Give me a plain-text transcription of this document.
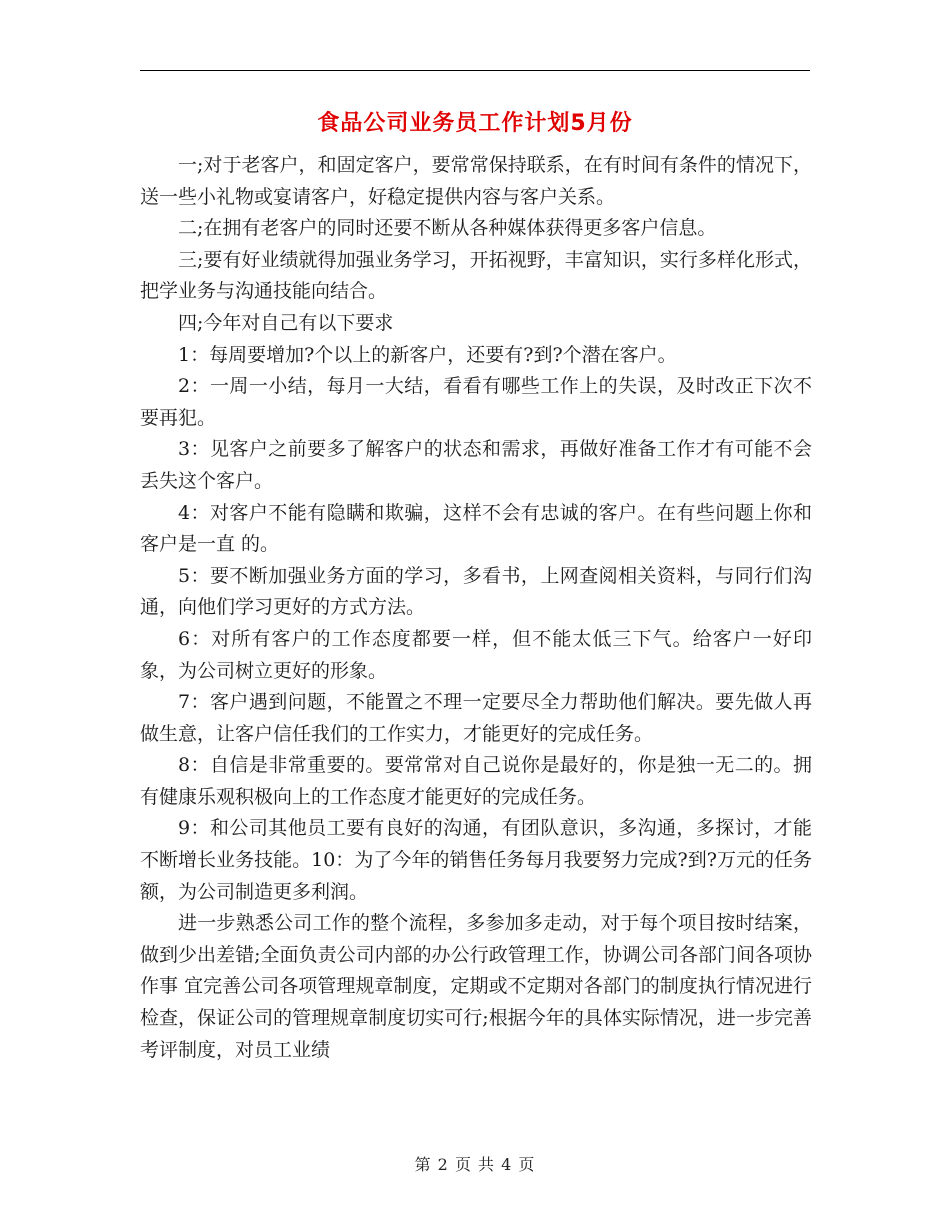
食品公司业务员工作计划5月份

一;对于老客户，和固定客户，要常常保持联系，在有时间有条件的情况下，送一些小礼物或宴请客户，好稳定提供内容与客户关系。

二;在拥有老客户的同时还要不断从各种媒体获得更多客户信息。

三;要有好业绩就得加强业务学习，开拓视野，丰富知识，实行多样化形式，把学业务与沟通技能向结合。

四;今年对自己有以下要求

1：每周要增加?个以上的新客户，还要有?到?个潜在客户。

2：一周一小结，每月一大结，看看有哪些工作上的失误，及时改正下次不要再犯。

3：见客户之前要多了解客户的状态和需求，再做好准备工作才有可能不会丢失这个客户。

4：对客户不能有隐瞒和欺骗，这样不会有忠诚的客户。在有些问题上你和客户是一直 的。

5：要不断加强业务方面的学习，多看书，上网查阅相关资料，与同行们沟通，向他们学习更好的方式方法。

6：对所有客户的工作态度都要一样，但不能太低三下气。给客户一好印象，为公司树立更好的形象。

7：客户遇到问题，不能置之不理一定要尽全力帮助他们解决。要先做人再做生意，让客户信任我们的工作实力，才能更好的完成任务。

8：自信是非常重要的。要常常对自己说你是最好的，你是独一无二的。拥有健康乐观积极向上的工作态度才能更好的完成任务。

9：和公司其他员工要有良好的沟通，有团队意识，多沟通，多探讨，才能不断增长业务技能。10：为了今年的销售任务每月我要努力完成?到?万元的任务额，为公司制造更多利润。

进一步熟悉公司工作的整个流程，多参加多走动，对于每个项目按时结案，做到少出差错;全面负责公司内部的办公行政管理工作，协调公司各部门间各项协作事 宜完善公司各项管理规章制度，定期或不定期对各部门的制度执行情况进行检查，保证公司的管理规章制度切实可行;根据今年的具体实际情况，进一步完善考评制度，对员工业绩

第 2 页 共 4 页
